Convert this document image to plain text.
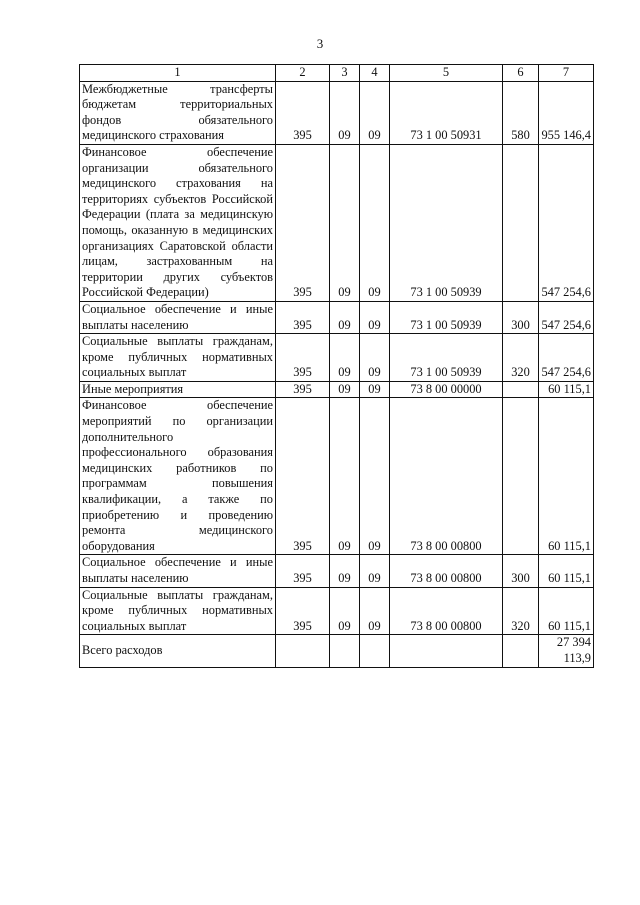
3
1	2	3	4	5	6	7
Межбюджетные трансферты бюджетам территориальных фондов обязательного медицинского страхования	395	09	09	73 1 00 50931	580	955 146,4
Финансовое обеспечение организации обязательного медицинского страхования на территориях субъектов Российской Федерации (плата за медицинскую помощь, оказанную в медицинских организациях Саратовской области лицам, застрахованным на территории других субъектов Российской Федерации)	395	09	09	73 1 00 50939		547 254,6
Социальное обеспечение и иные выплаты населению	395	09	09	73 1 00 50939	300	547 254,6
Социальные выплаты гражданам, кроме публичных нормативных социальных выплат	395	09	09	73 1 00 50939	320	547 254,6
Иные мероприятия	395	09	09	73 8 00 00000		60 115,1
Финансовое обеспечение мероприятий по организации дополнительного профессионального образования медицинских работников по программам повышения квалификации, а также по приобретению и проведению ремонта медицинского оборудования	395	09	09	73 8 00 00800		60 115,1
Социальное обеспечение и иные выплаты населению	395	09	09	73 8 00 00800	300	60 115,1
Социальные выплаты гражданам, кроме публичных нормативных социальных выплат	395	09	09	73 8 00 00800	320	60 115,1
Всего расходов						27 394 113,9
